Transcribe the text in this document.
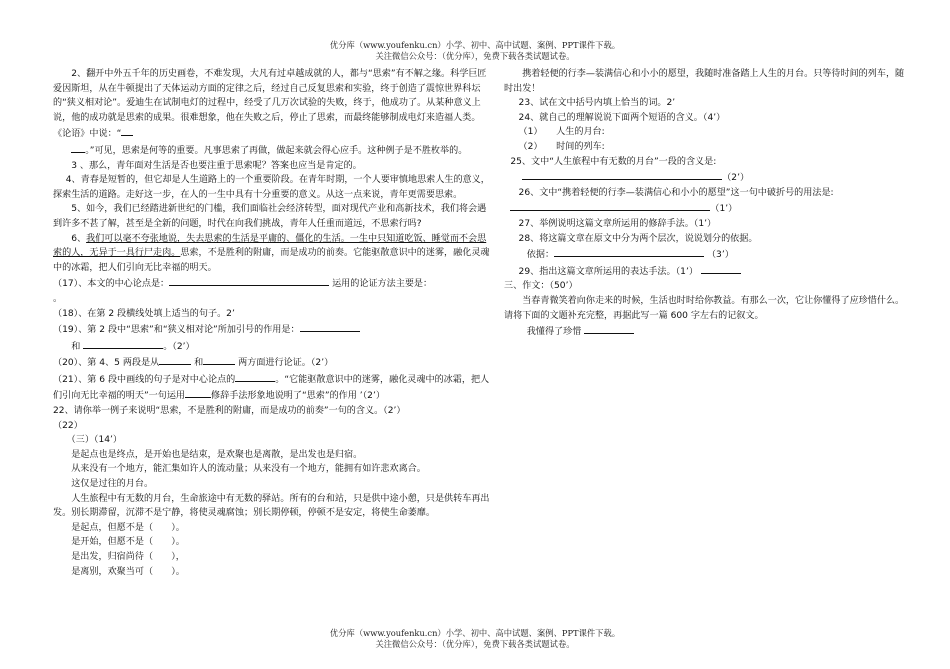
优分库（www.youfenku.cn）小学、初中、高中试题、案例、PPT课件下载。
关注微信公众号：（优分库），免费下载各类试题试卷。

2、翻开中外五千年的历史画卷，不难发现，大凡有过卓越成就的人，都与“思索”有不解之缘。科学巨匠爱因斯坦，从在牛顿提出了天体运动方面的定律之后，经过自己反复思索和实验，终于创造了震惊世界科坛的“狭义相对论”。爱迪生在试制电灯的过程中，经受了几万次试验的失败，终于，他成功了。从某种意义上说，他的成功就是思索的成果。很难想象，他在失败之后，停止了思索，而最终能够制成电灯来造福人类。《论语》中说：“

。”可见，思索是何等的重要。凡事思索了再做，做起来就会得心应手。这种例子是不胜枚举的。

3 、那么，青年面对生活是否也要注重于思索呢？答案也应当是肯定的。

4、青春是短暂的，但它却是人生道路上的一个重要阶段。在青年时期，一个人要审慎地思索人生的意义，探索生活的道路。走好这一步，在人的一生中具有十分重要的意义。从这一点来说，青年更需要思索。

5、如今，我们已经踏进新世纪的门槛，我们面临社会经济转型，面对现代产业和高新技术，我们将会遇到许多不甚了解，甚至是全新的问题，时代在向我们挑战，青年人任重而道远，不思索行吗?

6、我们可以毫不夸张地说，失去思索的生活是平庸的、僵化的生活。一生中只知道吃饭、睡觉而不会思索的人，无异于一具行尸走肉。思索，不是胜利的附庸，而是成功的前奏。它能驱散意识中的迷雾，融化灵魂中的冰霜，把人们引向无比幸福的明天。

（17）、本文的中心论点是：	运用的论证方法主要是：

。

（18）、在第 2 段横线处填上适当的句子。2’

（19）、第 2 段中“思索”和“狭义相对论”所加引号的作用是：

和	。（2’）

（20）、第 4、5 两段是从	和	两方面进行论证。（2’）

（21）、第 6 段中画线的句子是对中心论点的	。“它能驱散意识中的迷雾，融化灵魂中的冰霜，把人们引向无比幸福的明天”一句运用	修辞手法形象地说明了“思索”的作用 ’（2’）

22、请你举一例子来说明“思索，不是胜利的附庸，而是成功的前奏”一句的含义。（2’）

（22）

（三）（14’）

是起点也是终点，是开始也是结束，是欢聚也是离散，是出发也是归宿。

从来没有一个地方，能汇集如许人的流动量；从来没有一个地方，能拥有如许悲欢离合。

这仅是过往的月台。

人生旅程中有无数的月台，生命旅途中有无数的驿站。所有的台和站，只是供中途小憩，只是供转车再出发。别长期滞留，沉滞不是宁静，将使灵魂腐蚀；别长期停顿，停顿不是安定，将使生命萎靡。

是起点，但愿不是（　　）。

是开始，但愿不是（　　）。

是出发，归宿尚待（　　），

是离别，欢聚当可（　　）。

携着轻便的行李—装满信心和小小的愿望，我随时准备踏上人生的月台。只等待时间的列车，随时出发！

23、试在文中括号内填上恰当的词。2’

24、就自己的理解说说下面两个短语的含义。（4’）

（1）　　人生的月台:

（2）　　时间的列车:

25、文中“人生旅程中有无数的月台”一段的含义是:

（2’）

26、文中“携着轻便的行李—装满信心和小小的愿望”这一句中破折号的用法是:

（1’）

27、举例说明这篇文章所运用的修辞手法。（1’）

28、将这篇文章在原文中分为两个层次，说说划分的依据。

依据：	（3’）

29、指出这篇文章所运用的表达手法。（1’）

三、作文：（50’）

当春青微笑着向你走来的时候，生活也时时给你教益。有那么一次，它让你懂得了应珍惜什么。请将下面的文题补充完整，再据此写一篇 600 字左右的记叙文。

我懂得了珍惜

优分库（www.youfenku.cn）小学、初中、高中试题、案例、PPT课件下载。
关注微信公众号：（优分库），免费下载各类试题试卷。
